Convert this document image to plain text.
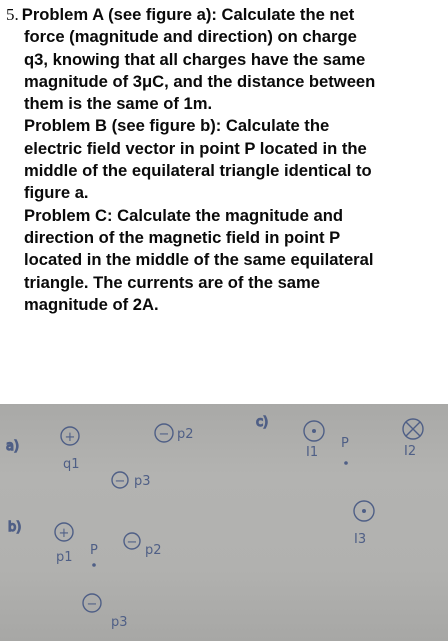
5. Problem A (see figure a): Calculate the net
force (magnitude and direction) on charge
q3, knowing that all charges have the same
magnitude of 3μC, and the distance between
them is the same of 1m.
Problem B (see figure b): Calculate the
electric field vector in point P located in the
middle of the equilateral triangle identical to
figure a.
Problem C: Calculate the magnitude and
direction of the magnetic field in point P
located in the middle of the same equilateral
triangle. The currents are of the same
magnitude of 2A.
a)
+
q1
− p2
− p3
b)	+
p1 P
−
p2
−
p3
c)
I1
P
I2
I3
